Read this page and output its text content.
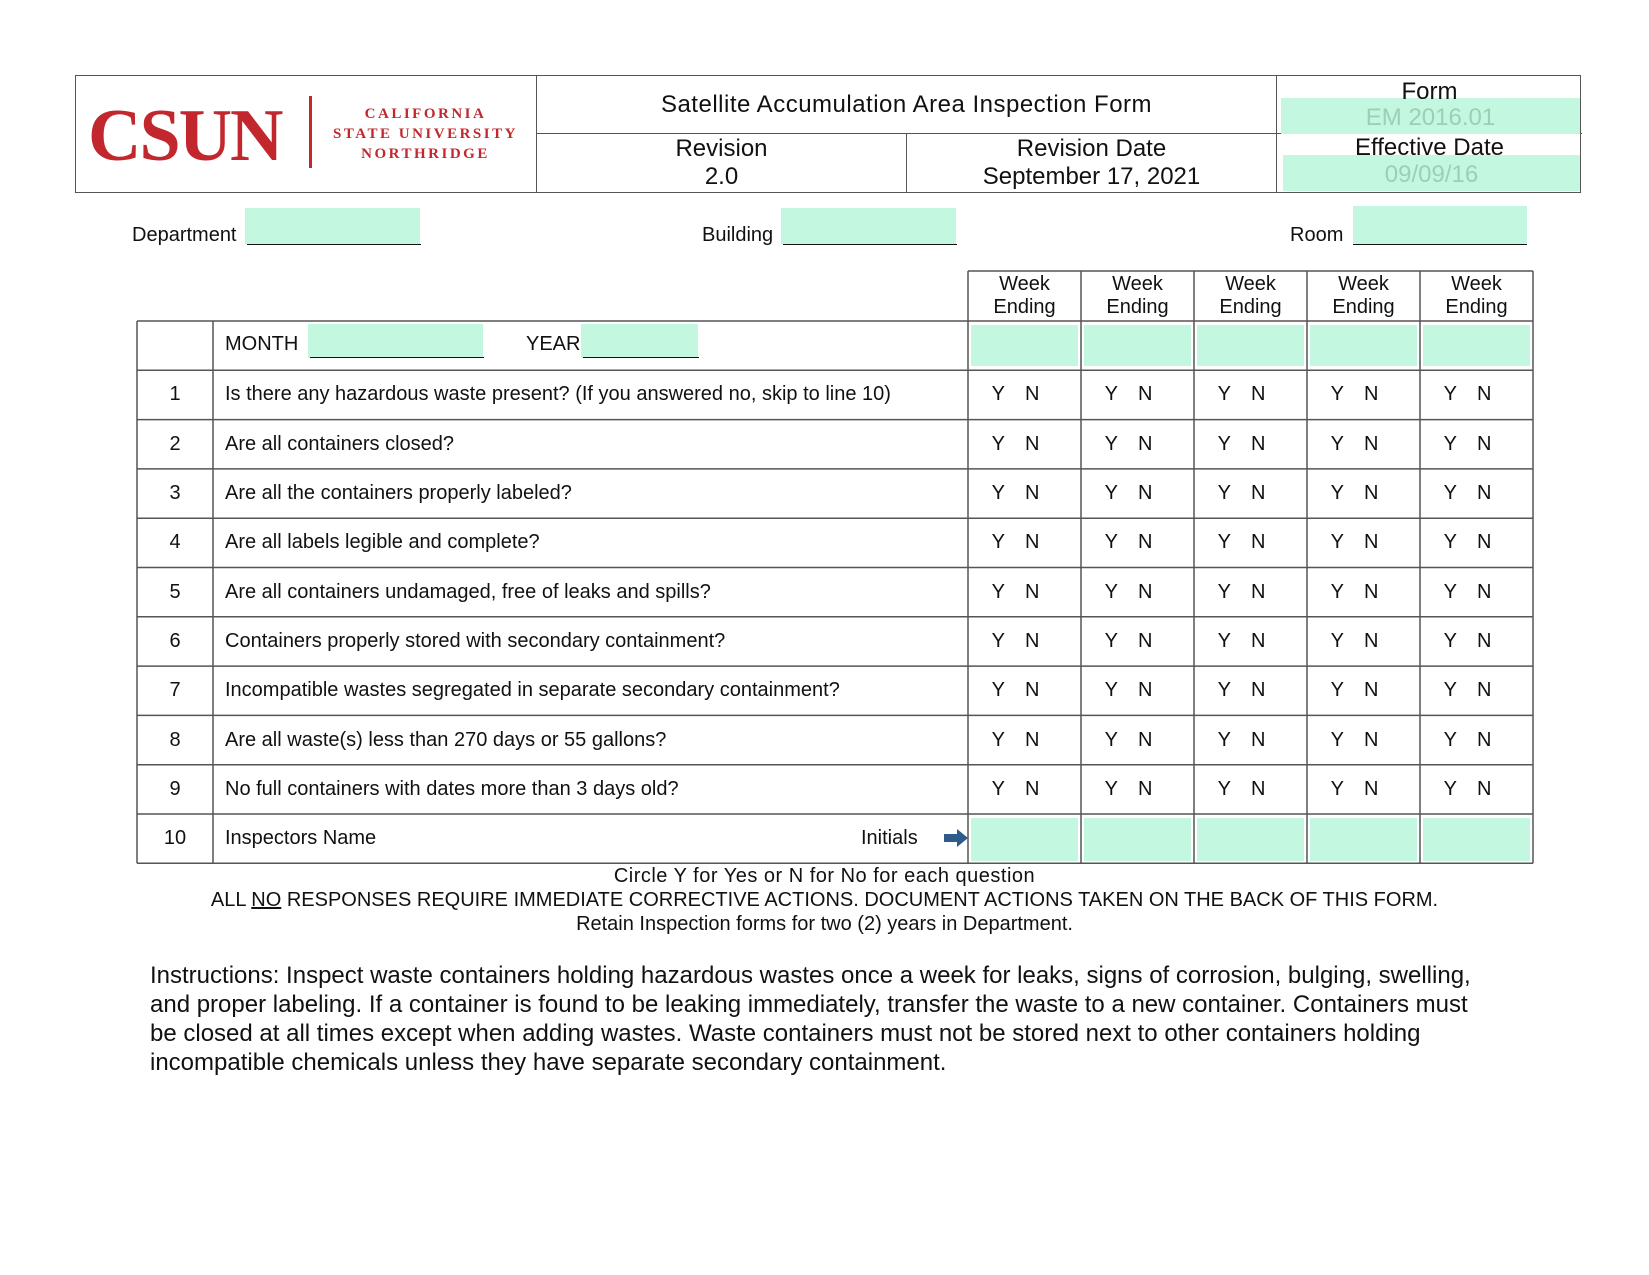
CSUN	CALIFORNIA
STATE UNIVERSITY
NORTHRIDGE
Satellite Accumulation Area Inspection Form
Revision
2.0
Revision Date
September 17, 2021
Form
EM 2016.01
Effective Date
09/09/16
Department	Building	Room
Week
Ending
Week
Ending
Week
Ending
Week
Ending
Week
Ending
MONTH	YEAR
1	Is there any hazardous waste present? (If you answered no, skip to line 10)	Y N	Y N	Y N	Y N	Y N
2	Are all containers closed?	Y N	Y N	Y N	Y N	Y N
3	Are all the containers properly labeled?	Y N	Y N	Y N	Y N	Y N
4	Are all labels legible and complete?	Y N	Y N	Y N	Y N	Y N
5	Are all containers undamaged, free of leaks and spills?	Y N	Y N	Y N	Y N	Y N
6	Containers properly stored with secondary containment?	Y N	Y N	Y N	Y N	Y N
7	Incompatible wastes segregated in separate secondary containment?	Y N	Y N	Y N	Y N	Y N
8	Are all waste(s) less than 270 days or 55 gallons?	Y N	Y N	Y N	Y N	Y N
9	No full containers with dates more than 3 days old?	Y N	Y N	Y N	Y N	Y N
10	Inspectors Name	Initials
Circle Y for Yes or N for No for each question
ALL NO RESPONSES REQUIRE IMMEDIATE CORRECTIVE ACTIONS. DOCUMENT ACTIONS TAKEN ON THE BACK OF THIS FORM.
Retain Inspection forms for two (2) years in Department.
Instructions: Inspect waste containers holding hazardous wastes once a week for leaks, signs of corrosion, bulging, swelling, and proper labeling. If a container is found to be leaking immediately, transfer the waste to a new container. Containers must be closed at all times except when adding wastes. Waste containers must not be stored next to other containers holding incompatible chemicals unless they have separate secondary containment.
